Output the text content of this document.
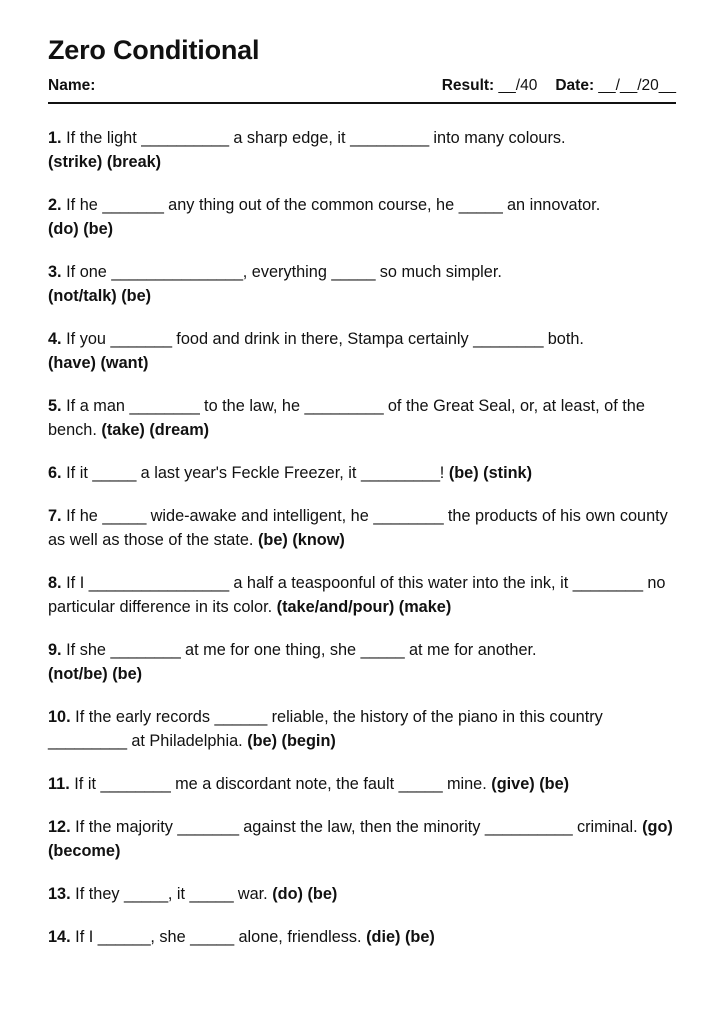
Zero Conditional
Name:	Result: __/40 Date: __/__/20__

1. If the light __________ a sharp edge, it _________ into many colours.
(strike) (break)

2. If he _______ any thing out of the common course, he _____ an innovator.
(do) (be)

3. If one _______________, everything _____ so much simpler.
(not/talk) (be)

4. If you _______ food and drink in there, Stampa certainly ________ both.
(have) (want)

5. If a man ________ to the law, he _________ of the Great Seal, or, at least, of the bench. (take) (dream)

6. If it _____ a last year's Feckle Freezer, it _________! (be) (stink)

7. If he _____ wide-awake and intelligent, he ________ the products of his own county as well as those of the state. (be) (know)

8. If I ________________ a half a teaspoonful of this water into the ink, it ________ no particular difference in its color. (take/and/pour) (make)

9. If she ________ at me for one thing, she _____ at me for another.
(not/be) (be)

10. If the early records ______ reliable, the history of the piano in this country _________ at Philadelphia. (be) (begin)

11. If it ________ me a discordant note, the fault _____ mine. (give) (be)

12. If the majority _______ against the law, then the minority __________ criminal. (go) (become)

13. If they _____, it _____ war. (do) (be)

14. If I ______, she _____ alone, friendless. (die) (be)
